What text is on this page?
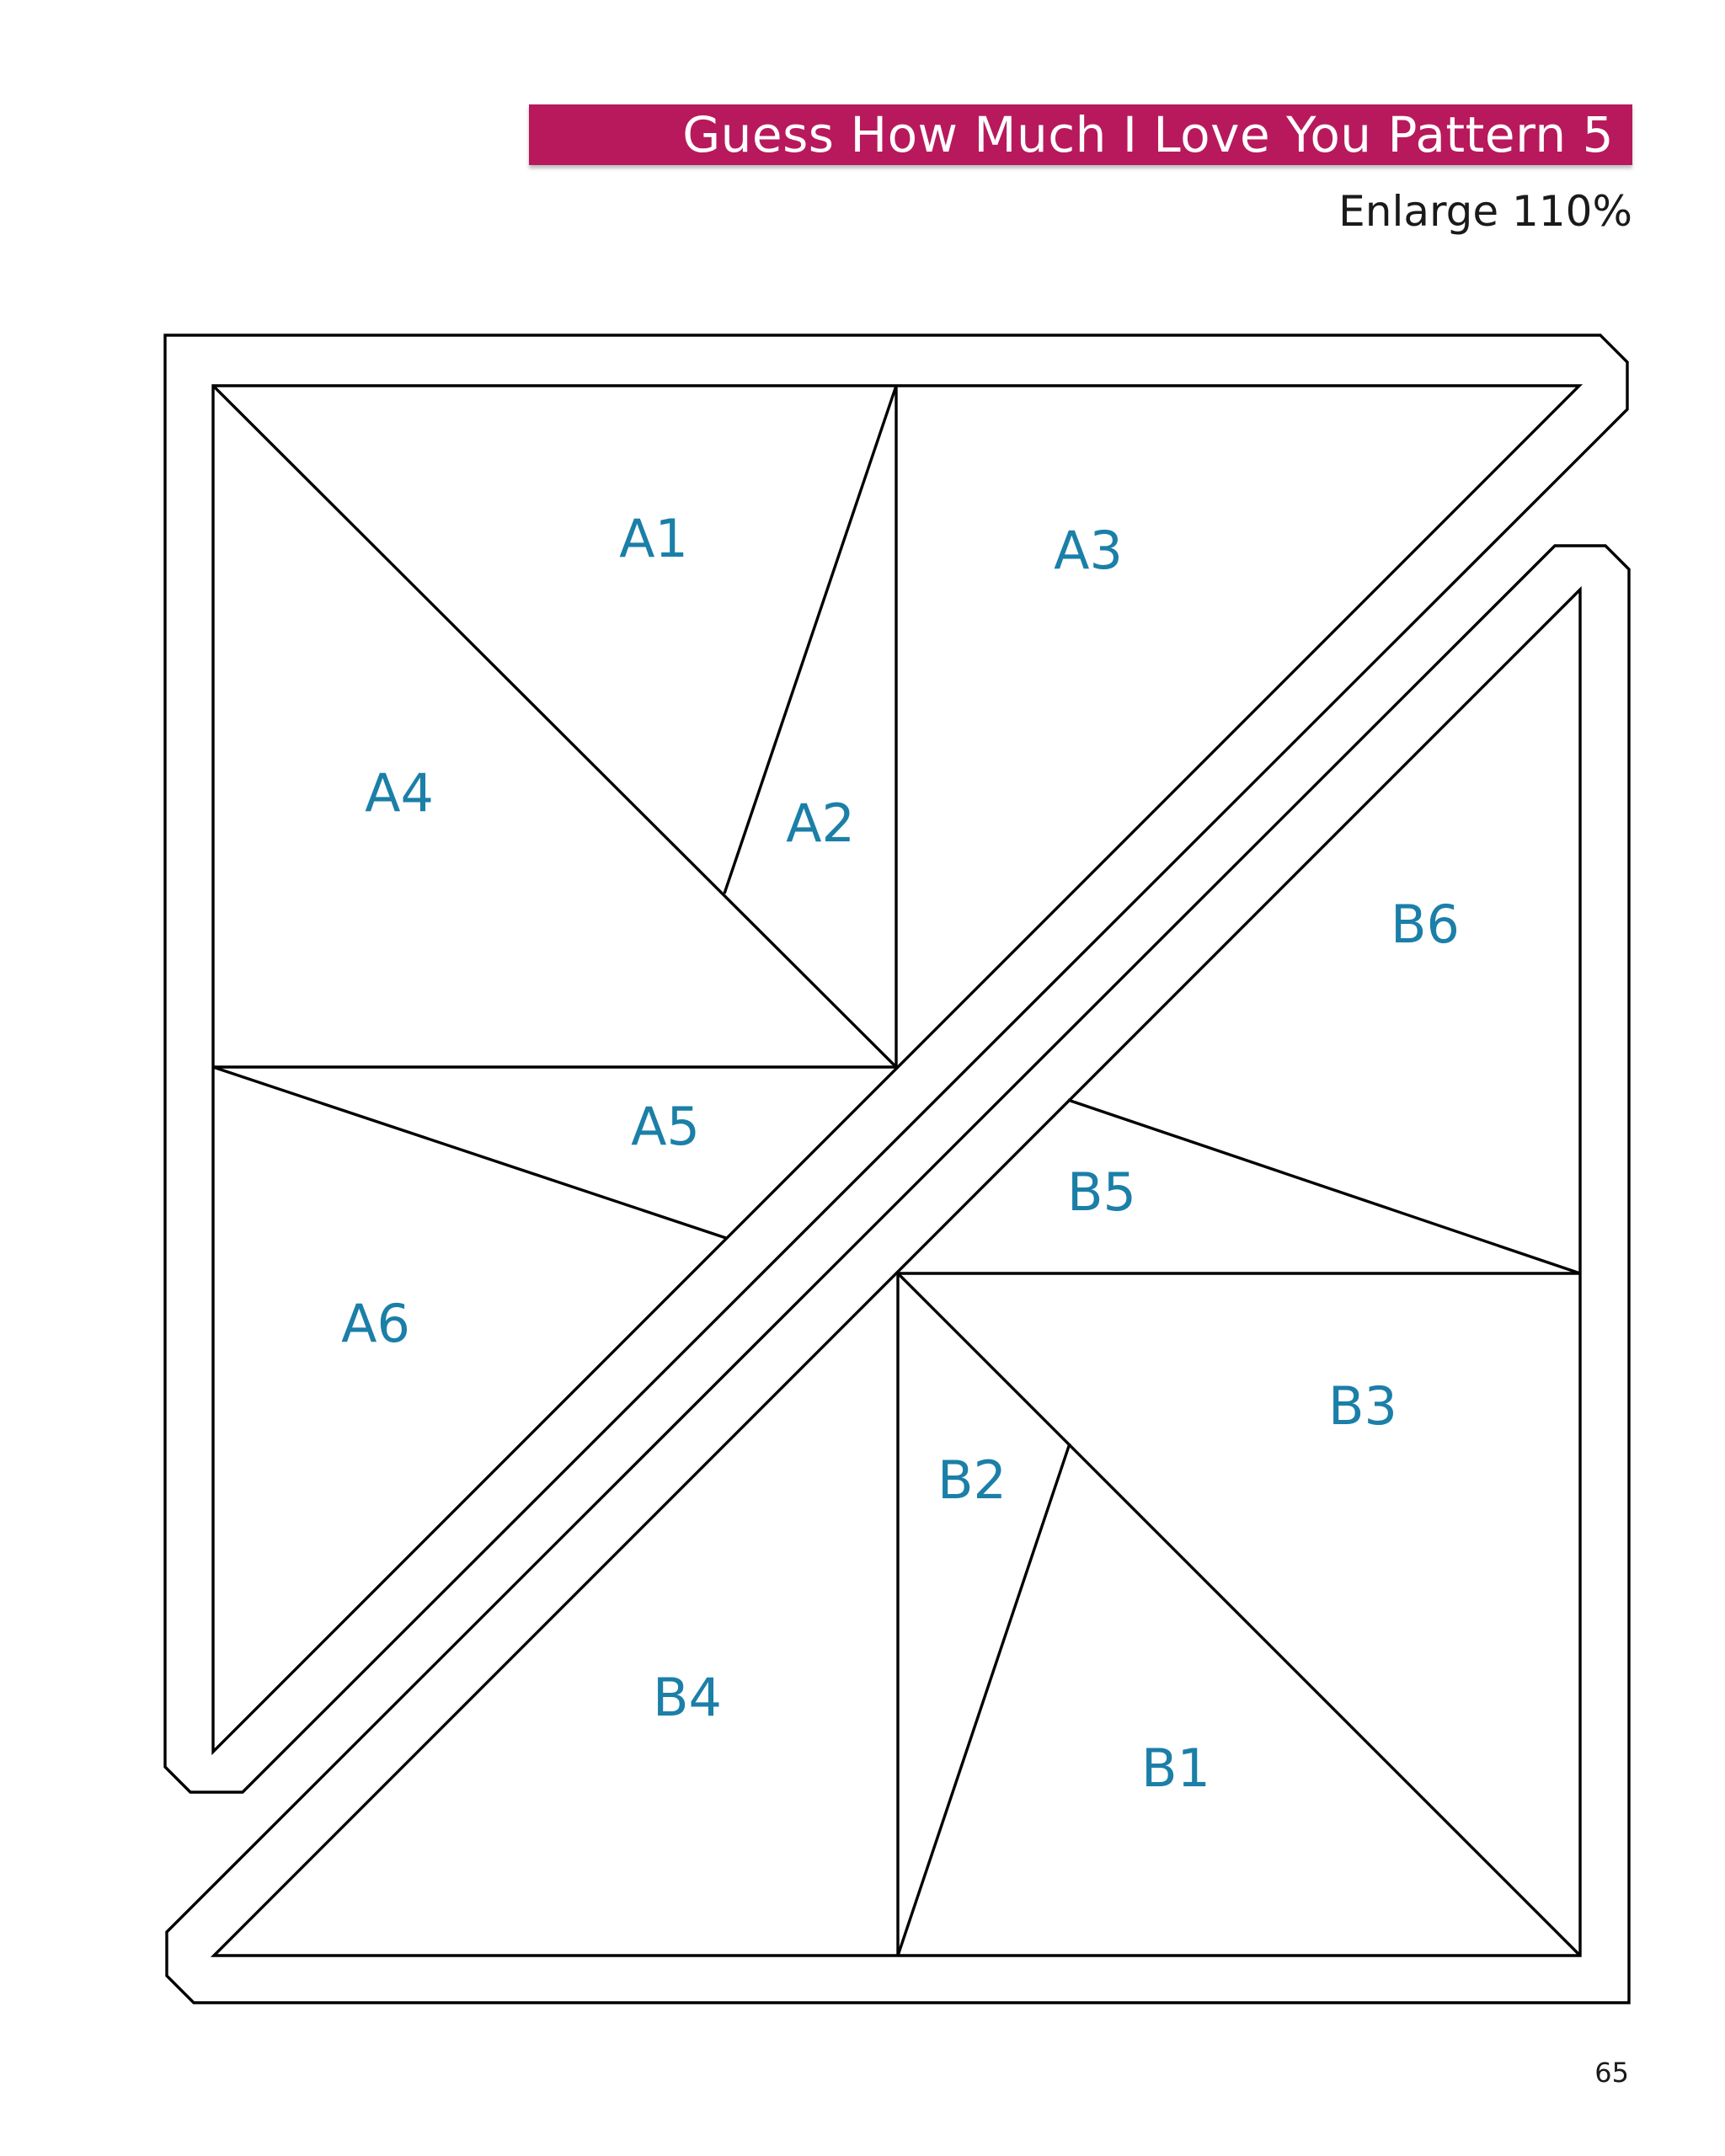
Guess How Much I Love You Pattern 5
Enlarge 110%
A1
A2
A3
A4
A5
A6
B1
B2
B3
B4
B5
B6
65
